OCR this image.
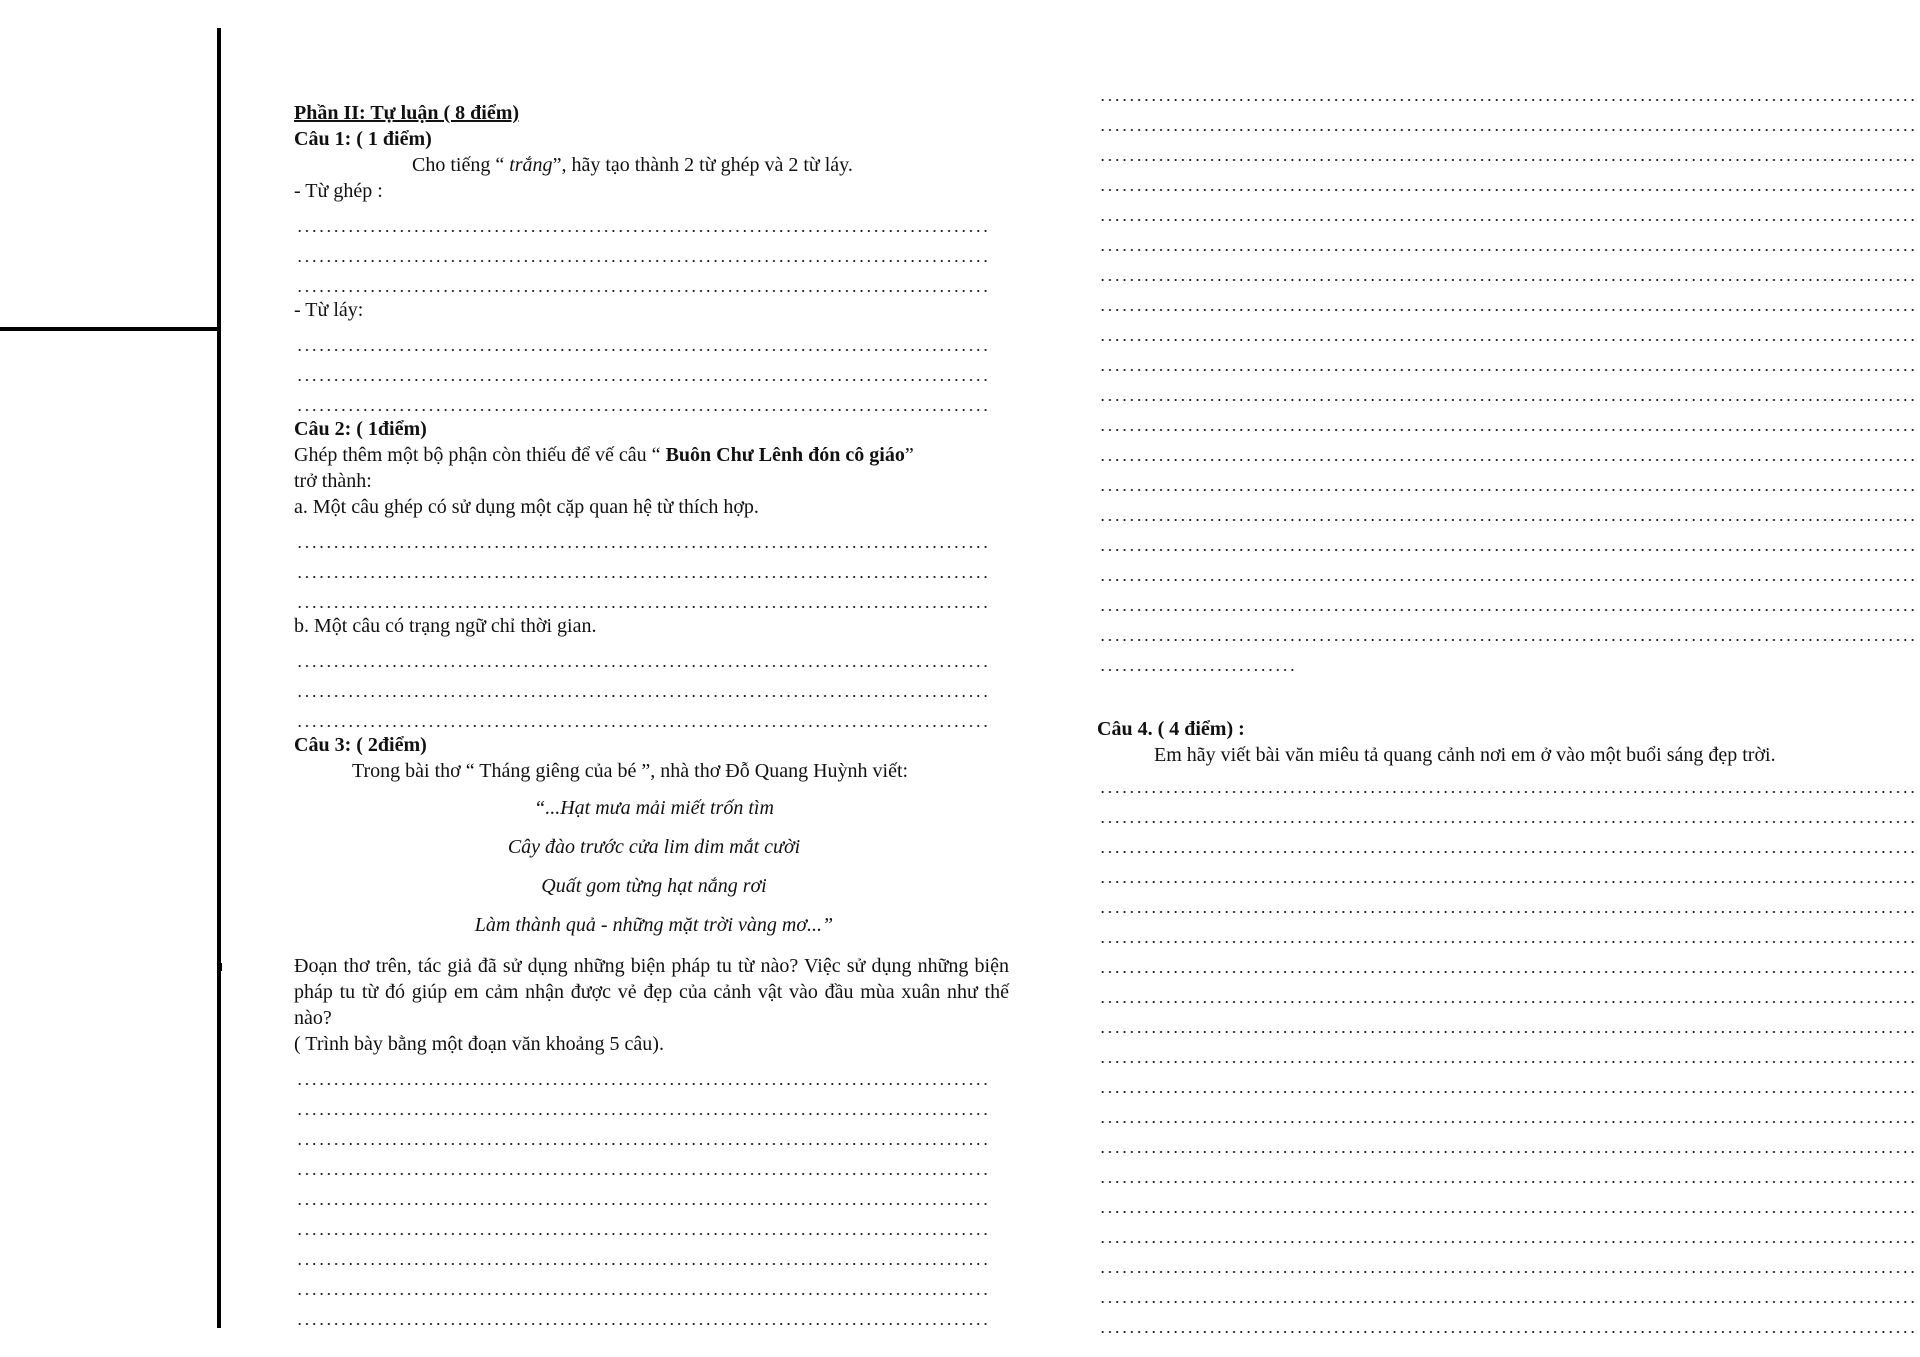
Phần II: Tự luận ( 8 điểm)
Câu 1: ( 1 điểm)
Cho tiếng “ trắng”, hãy tạo thành 2 từ ghép và 2 từ láy.
- Từ ghép :
- Từ láy:
Câu 2: ( 1điểm)
Ghép thêm một bộ phận còn thiếu để vế câu “ Buôn Chư Lênh đón cô giáo”
trở thành:
a. Một câu ghép có sử dụng một cặp quan hệ từ thích hợp.
b. Một câu có trạng ngữ chỉ thời gian.
Câu 3: ( 2điểm)
Trong bài thơ “ Tháng giêng của bé ”, nhà thơ Đỗ Quang Huỳnh viết:
“...Hạt mưa mải miết trốn tìm
Cây đào trước cửa lim dim mắt cười
Quất gom từng hạt nắng rơi
Làm thành quả - những mặt trời vàng mơ...”
Đoạn thơ trên, tác giả đã sử dụng những biện pháp tu từ nào? Việc sử dụng những biện pháp tu từ đó giúp em cảm nhận được vẻ đẹp của cảnh vật vào đầu mùa xuân như thế nào?
( Trình bày bằng một đoạn văn khoảng 5 câu).
Câu 4. ( 4 điểm) :
Em hãy viết bài văn miêu tả quang cảnh nơi em ở vào một buổi sáng đẹp trời.
